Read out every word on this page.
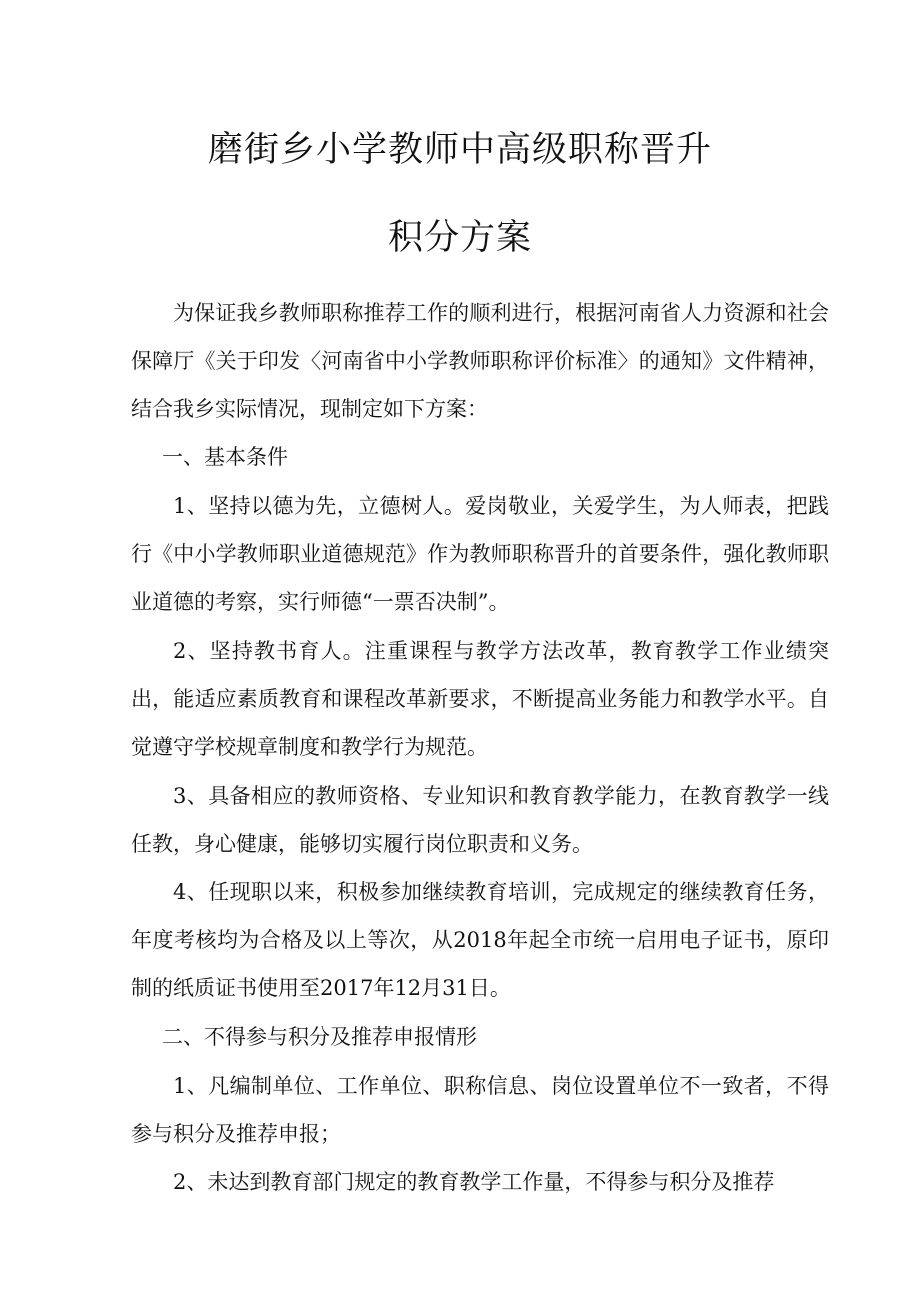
磨街乡小学教师中高级职称晋升
积分方案

为保证我乡教师职称推荐工作的顺利进行，根据河南省人力资源和社会保障厅《关于印发〈河南省中小学教师职称评价标准〉的通知》文件精神，结合我乡实际情况，现制定如下方案：

一、基本条件

1、坚持以德为先，立德树人。爱岗敬业，关爱学生，为人师表，把践行《中小学教师职业道德规范》作为教师职称晋升的首要条件，强化教师职业道德的考察，实行师德“一票否决制”。

2、坚持教书育人。注重课程与教学方法改革，教育教学工作业绩突出，能适应素质教育和课程改革新要求，不断提高业务能力和教学水平。自觉遵守学校规章制度和教学行为规范。

3、具备相应的教师资格、专业知识和教育教学能力，在教育教学一线任教，身心健康，能够切实履行岗位职责和义务。

4、任现职以来，积极参加继续教育培训，完成规定的继续教育任务，年度考核均为合格及以上等次，从2018年起全市统一启用电子证书，原印制的纸质证书使用至2017年12月31日。

二、不得参与积分及推荐申报情形

1、凡编制单位、工作单位、职称信息、岗位设置单位不一致者，不得参与积分及推荐申报；

2、未达到教育部门规定的教育教学工作量，不得参与积分及推荐
